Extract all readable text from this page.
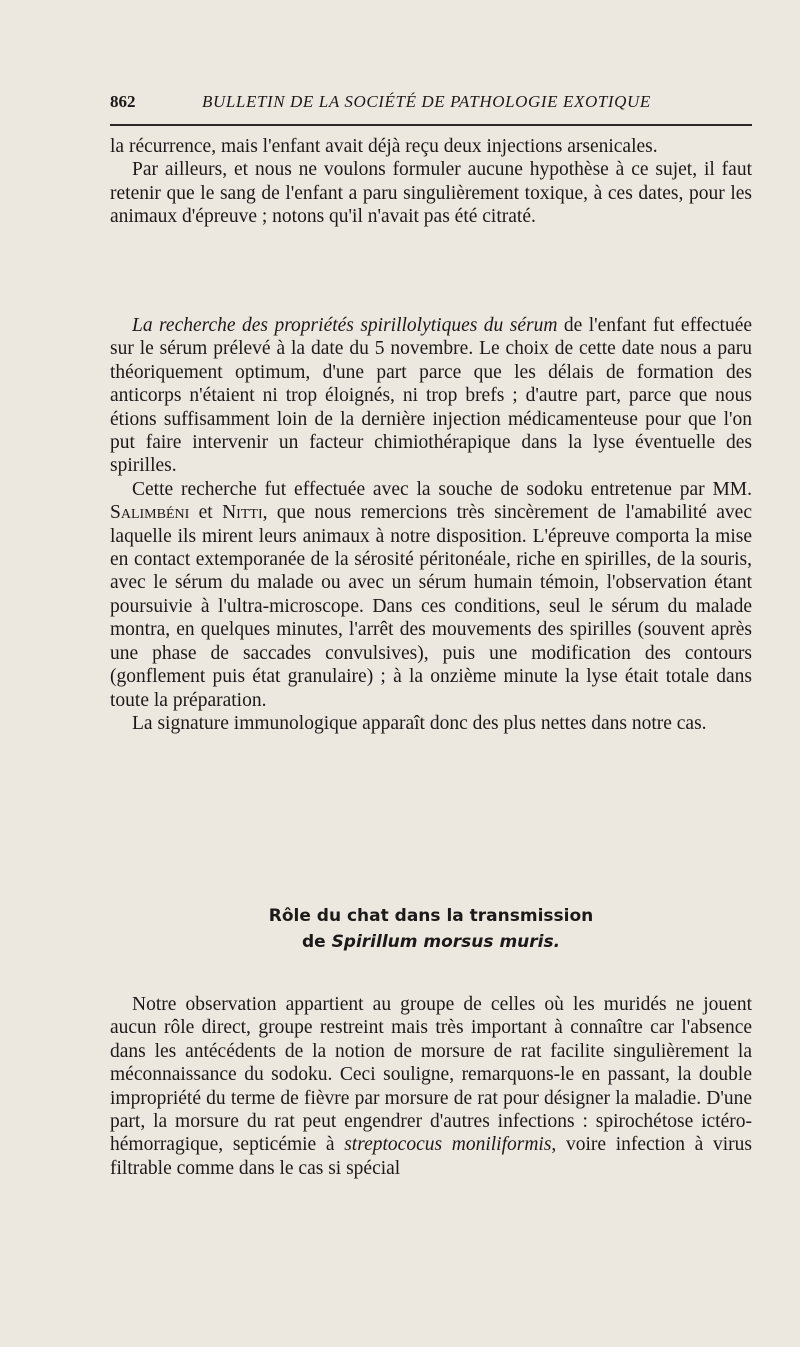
862	BULLETIN DE LA SOCIÉTÉ DE PATHOLOGIE EXOTIQUE

la récurrence, mais l'enfant avait déjà reçu deux injections arsenicales.

Par ailleurs, et nous ne voulons formuler aucune hypothèse à ce sujet, il faut retenir que le sang de l'enfant a paru singulièrement toxique, à ces dates, pour les animaux d'épreuve ; notons qu'il n'avait pas été citraté.

La recherche des propriétés spirillolytiques du sérum de l'enfant fut effectuée sur le sérum prélevé à la date du 5 novembre. Le choix de cette date nous a paru théoriquement optimum, d'une part parce que les délais de formation des anticorps n'étaient ni trop éloignés, ni trop brefs ; d'autre part, parce que nous étions suffisamment loin de la dernière injection médicamenteuse pour que l'on put faire intervenir un facteur chimiothérapique dans la lyse éventuelle des spirilles.

Cette recherche fut effectuée avec la souche de sodoku entretenue par MM. Salimbéni et Nitti, que nous remercions très sincèrement de l'amabilité avec laquelle ils mirent leurs animaux à notre disposition. L'épreuve comporta la mise en contact extemporanée de la sérosité péritonéale, riche en spirilles, de la souris, avec le sérum du malade ou avec un sérum humain témoin, l'observation étant poursuivie à l'ultra-microscope. Dans ces conditions, seul le sérum du malade montra, en quelques minutes, l'arrêt des mouvements des spirilles (souvent après une phase de saccades convulsives), puis une modification des contours (gonflement puis état granulaire) ; à la onzième minute la lyse était totale dans toute la préparation.

La signature immunologique apparaît donc des plus nettes dans notre cas.

Rôle du chat dans la transmission
de Spirillum morsus muris.

Notre observation appartient au groupe de celles où les muridés ne jouent aucun rôle direct, groupe restreint mais très important à connaître car l'absence dans les antécédents de la notion de morsure de rat facilite singulièrement la méconnaissance du sodoku. Ceci souligne, remarquons-le en passant, la double impropriété du terme de fièvre par morsure de rat pour désigner la maladie. D'une part, la morsure du rat peut engendrer d'autres infections : spirochétose ictéro-hémorragique, septicémie à streptococus moniliformis, voire infection à virus filtrable comme dans le cas si spécial
